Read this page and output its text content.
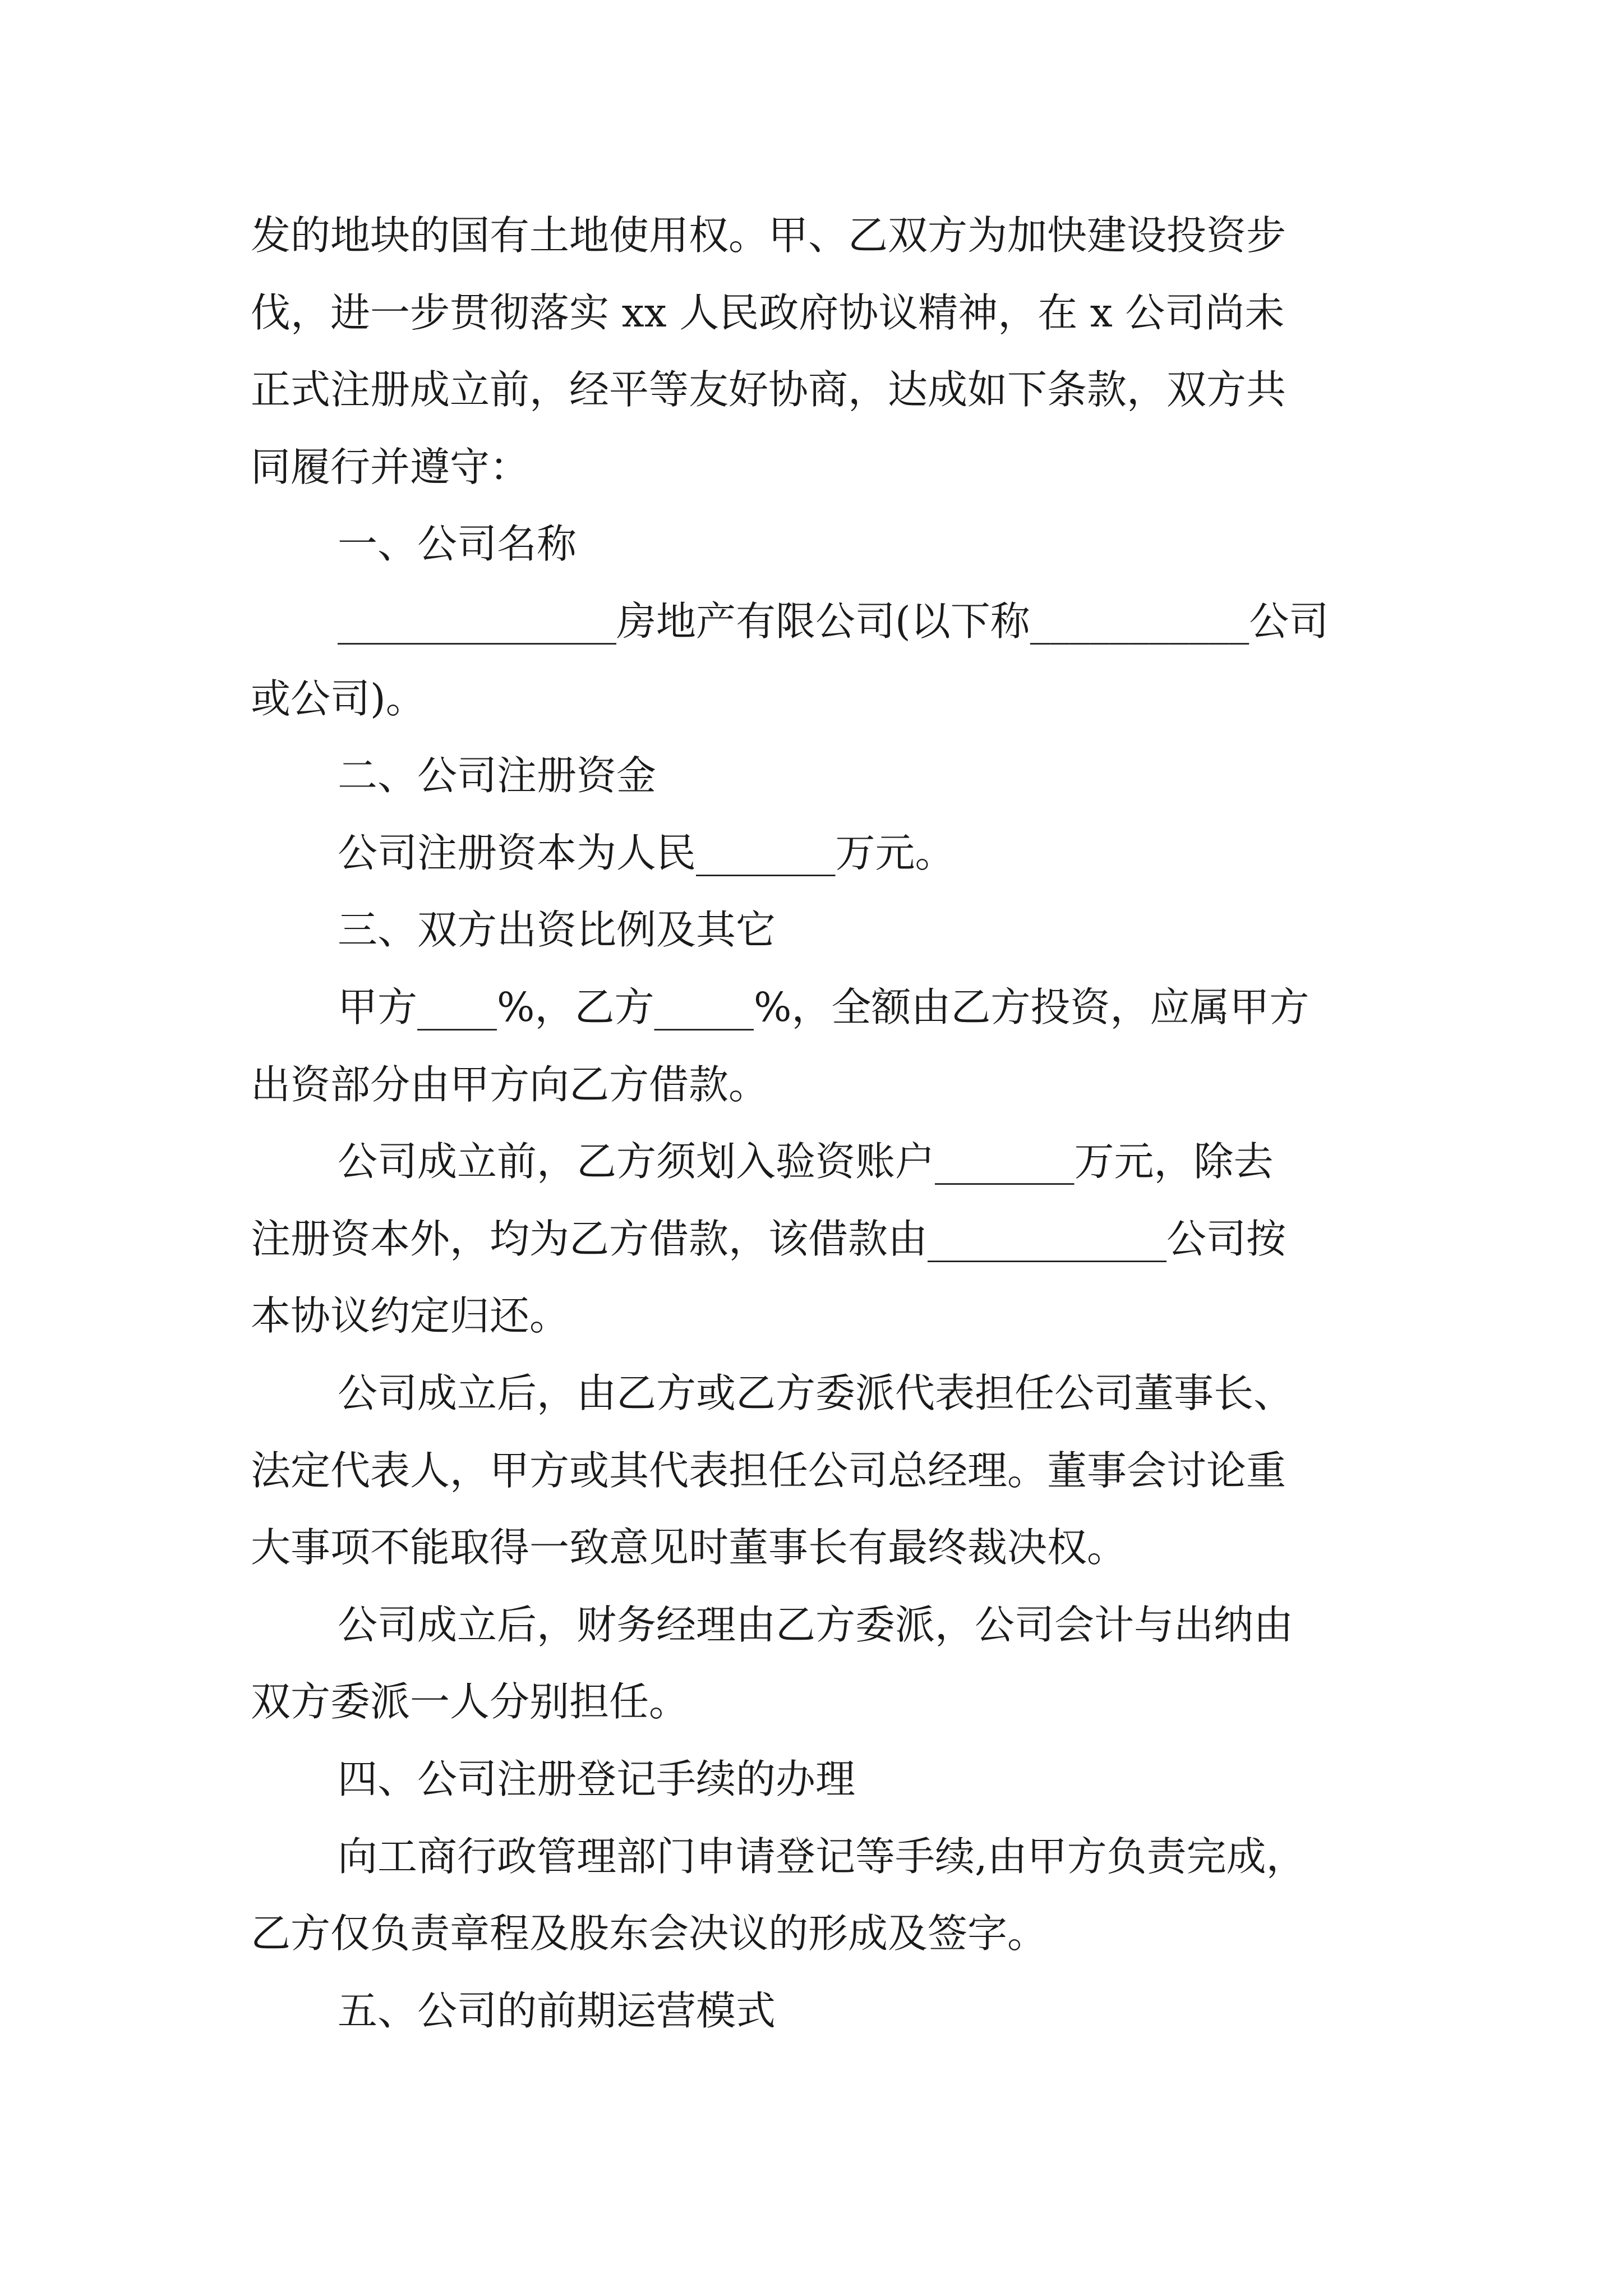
发的地块的国有土地使用权。甲、乙双方为加快建设投资步
伐，进一步贯彻落实 xx 人民政府协议精神，在 x 公司尚未
正式注册成立前，经平等友好协商，达成如下条款，双方共
同履行并遵守：
一、公司名称
______________房地产有限公司(以下称___________公司
或公司)。
二、公司注册资金
公司注册资本为人民_______万元。
三、双方出资比例及其它
甲方____%，乙方_____%，全额由乙方投资，应属甲方
出资部分由甲方向乙方借款。
公司成立前，乙方须划入验资账户_______万元，除去
注册资本外，均为乙方借款，该借款由____________公司按
本协议约定归还。
公司成立后，由乙方或乙方委派代表担任公司董事长、
法定代表人，甲方或其代表担任公司总经理。董事会讨论重
大事项不能取得一致意见时董事长有最终裁决权。
公司成立后，财务经理由乙方委派，公司会计与出纳由
双方委派一人分别担任。
四、公司注册登记手续的办理
向工商行政管理部门申请登记等手续,由甲方负责完成，
乙方仅负责章程及股东会决议的形成及签字。
五、公司的前期运营模式
